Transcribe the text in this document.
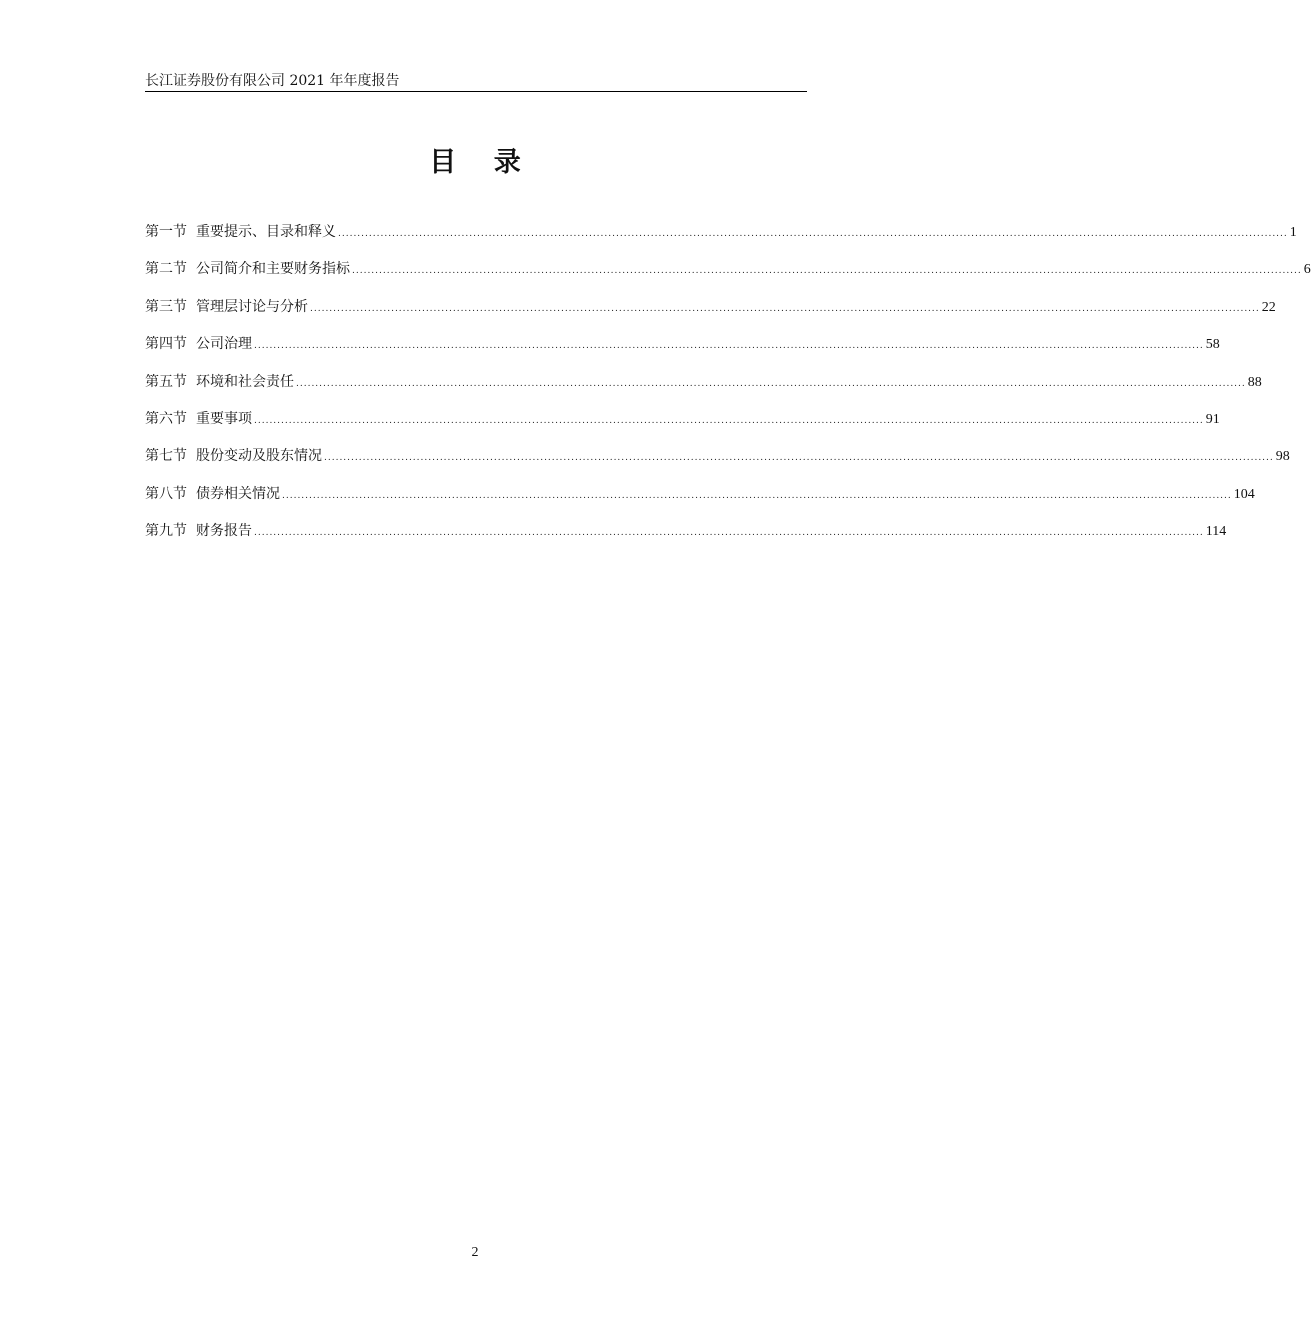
长江证券股份有限公司 2021 年年度报告
目 录
第一节 重要提示、目录和释义 ...................................................................................................................................................................................................................................................... 1
第二节 公司简介和主要财务指标 ...................................................................................................................................................................................................................................................... 6
第三节 管理层讨论与分析 ...................................................................................................................................................................................................................................................... 22
第四节 公司治理 ...................................................................................................................................................................................................................................................... 58
第五节 环境和社会责任 ...................................................................................................................................................................................................................................................... 88
第六节 重要事项 ...................................................................................................................................................................................................................................................... 91
第七节 股份变动及股东情况 ...................................................................................................................................................................................................................................................... 98
第八节 债券相关情况 ...................................................................................................................................................................................................................................................... 104
第九节 财务报告 ...................................................................................................................................................................................................................................................... 114
2
